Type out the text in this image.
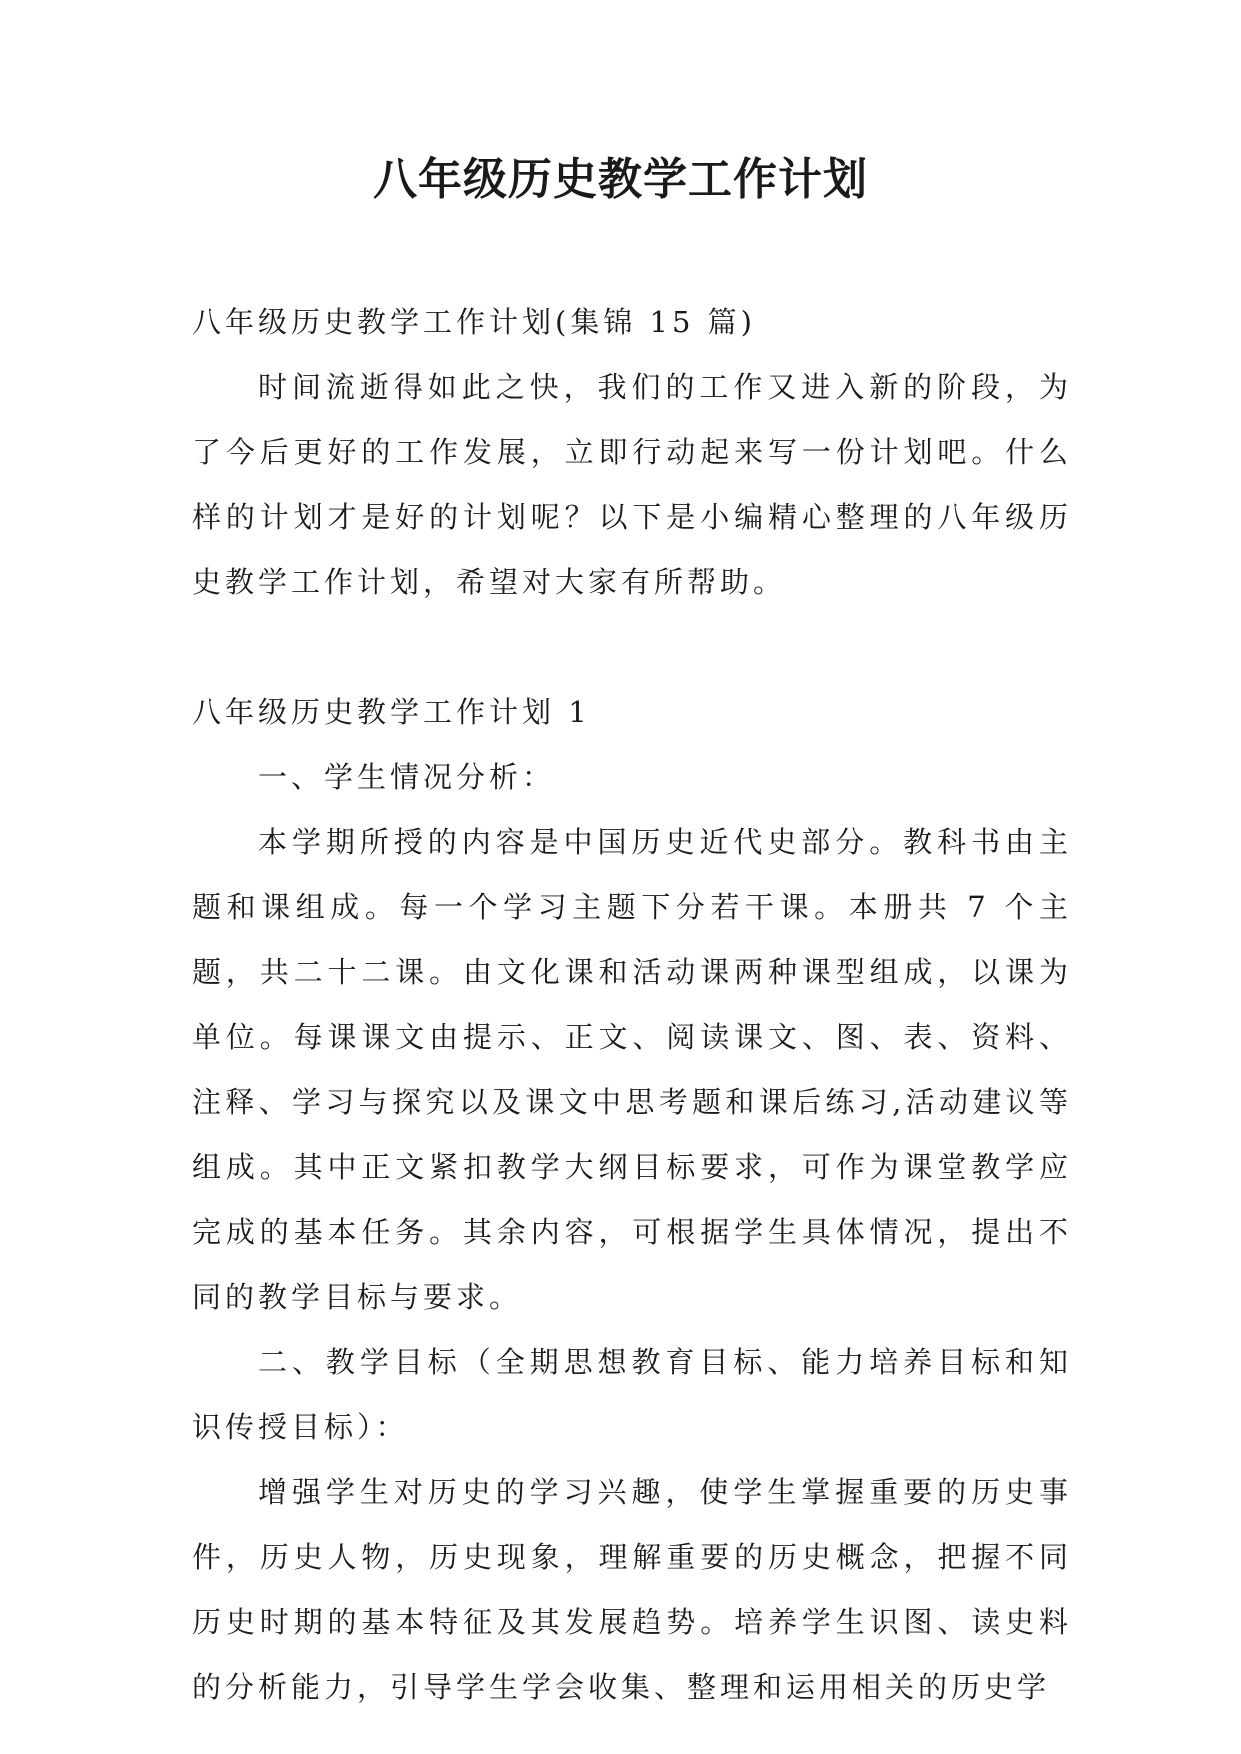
八年级历史教学工作计划

八年级历史教学工作计划(集锦 15 篇)

时间流逝得如此之快，我们的工作又进入新的阶段，为了今后更好的工作发展，立即行动起来写一份计划吧。什么样的计划才是好的计划呢？以下是小编精心整理的八年级历史教学工作计划，希望对大家有所帮助。

八年级历史教学工作计划 1

一、学生情况分析：

本学期所授的内容是中国历史近代史部分。教科书由主题和课组成。每一个学习主题下分若干课。本册共 7 个主题，共二十二课。由文化课和活动课两种课型组成，以课为单位。每课课文由提示、正文、阅读课文、图、表、资料、注释、学习与探究以及课文中思考题和课后练习,活动建议等组成。其中正文紧扣教学大纲目标要求，可作为课堂教学应完成的基本任务。其余内容，可根据学生具体情况，提出不同的教学目标与要求。

二、教学目标（全期思想教育目标、能力培养目标和知识传授目标）：

增强学生对历史的学习兴趣，使学生掌握重要的历史事件，历史人物，历史现象，理解重要的历史概念，把握不同历史时期的基本特征及其发展趋势。培养学生识图、读史料的分析能力，引导学生学会收集、整理和运用相关的历史学
